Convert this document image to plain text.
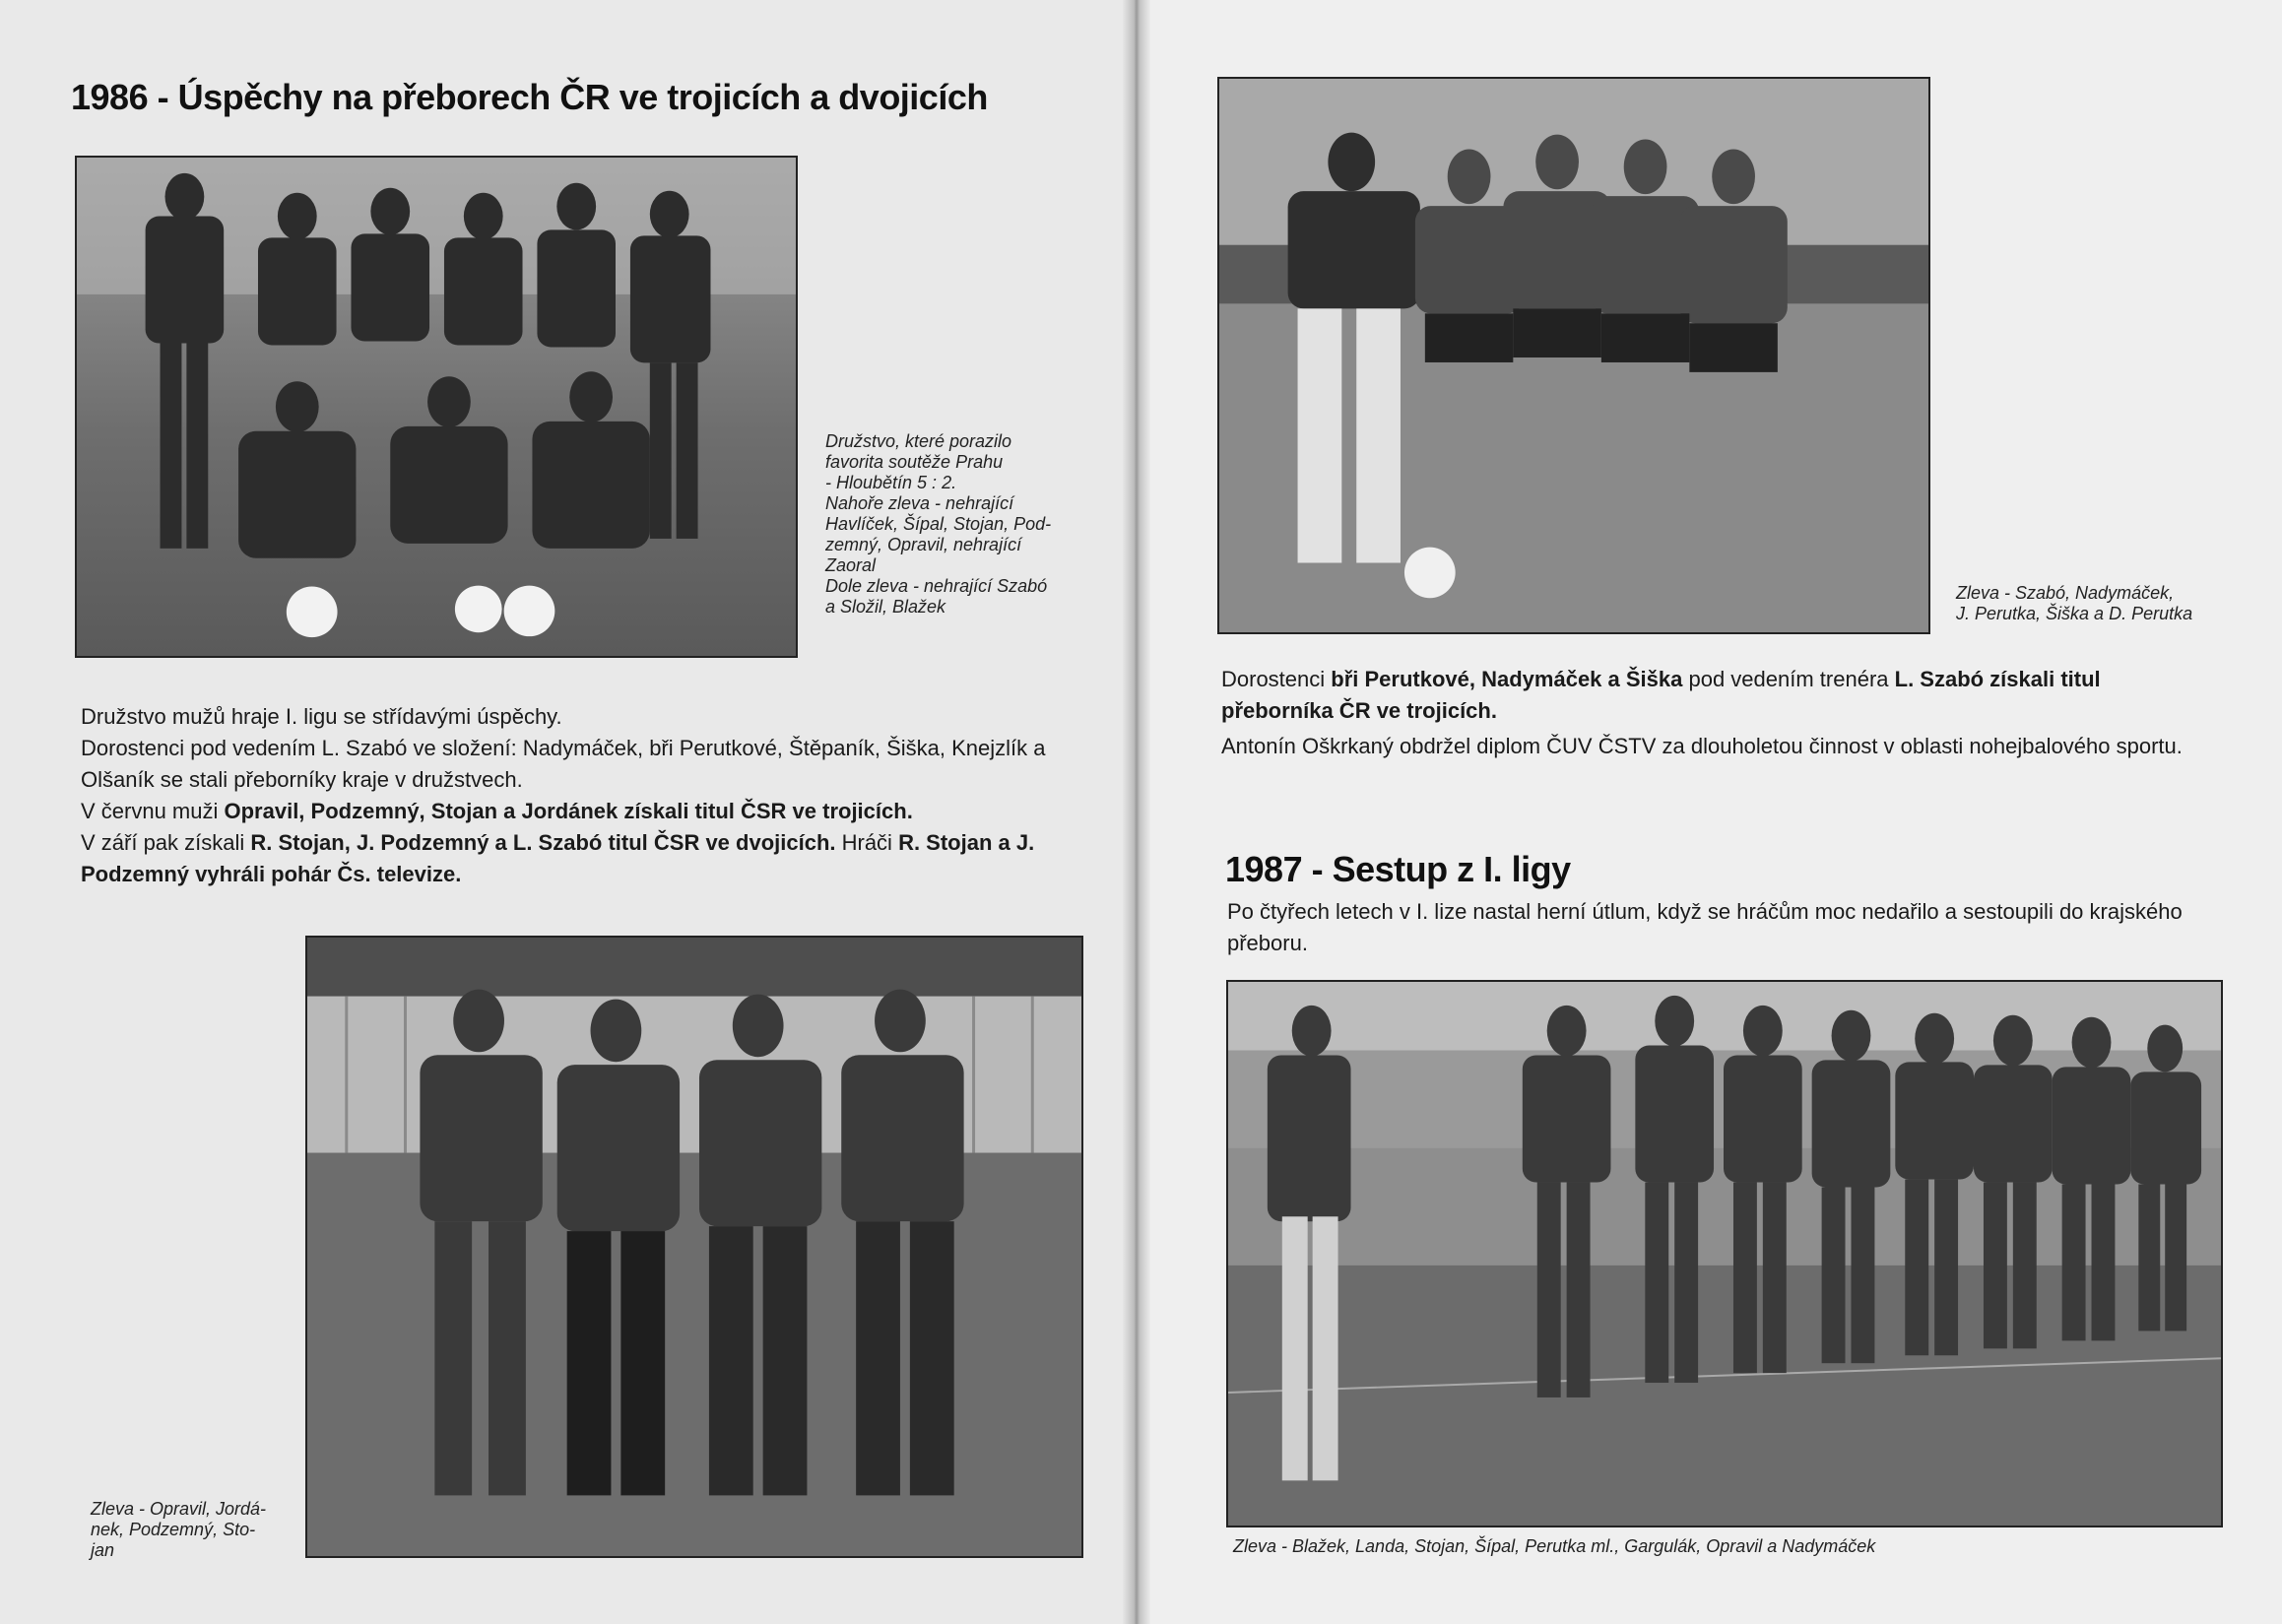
1986 - Úspěchy na přeborech ČR ve trojicích a dvojicích
Družstvo, které porazilo
favorita soutěže Prahu
- Hloubětín 5 : 2.
Nahoře zleva - nehrající
Havlíček, Šípal, Stojan, Pod-
zemný, Opravil, nehrající
Zaoral
Dole zleva - nehrající Szabó
a Složil, Blažek

Družstvo mužů hraje I. ligu se střídavými úspěchy.

Dorostenci pod vedením L. Szabó ve složení: Nadymáček, bři Perutkové, Štěpaník, Šiška, Knejzlík a Olšaník se stali přeborníky kraje v družstvech.

V červnu muži Opravil, Podzemný, Stojan a Jordánek získali titul ČSR ve trojicích.

V září pak získali R. Stojan, J. Podzemný a L. Szabó titul ČSR ve dvojicích. Hráči R. Stojan a J. Podzemný vyhráli pohár Čs. televize.

Zleva - Opravil, Jordá-
nek, Podzemný, Sto-
jan
Zleva - Szabó, Nadymáček,
J. Perutka, Šiška a D. Perutka

Dorostenci bři Perutkové, Nadymáček a Šiška pod vedením trenéra L. Szabó získali titul přeborníka ČR ve trojicích.

Antonín Oškrkaný obdržel diplom ČUV ČSTV za dlouholetou činnost v oblasti nohejbalového sportu.

1987 - Sestup z I. ligy
Po čtyřech letech v I. lize nastal herní útlum, když se hráčům moc nedařilo a sestoupili do krajského přeboru.
Zleva - Blažek, Landa, Stojan, Šípal, Perutka ml., Gargulák, Opravil a Nadymáček
